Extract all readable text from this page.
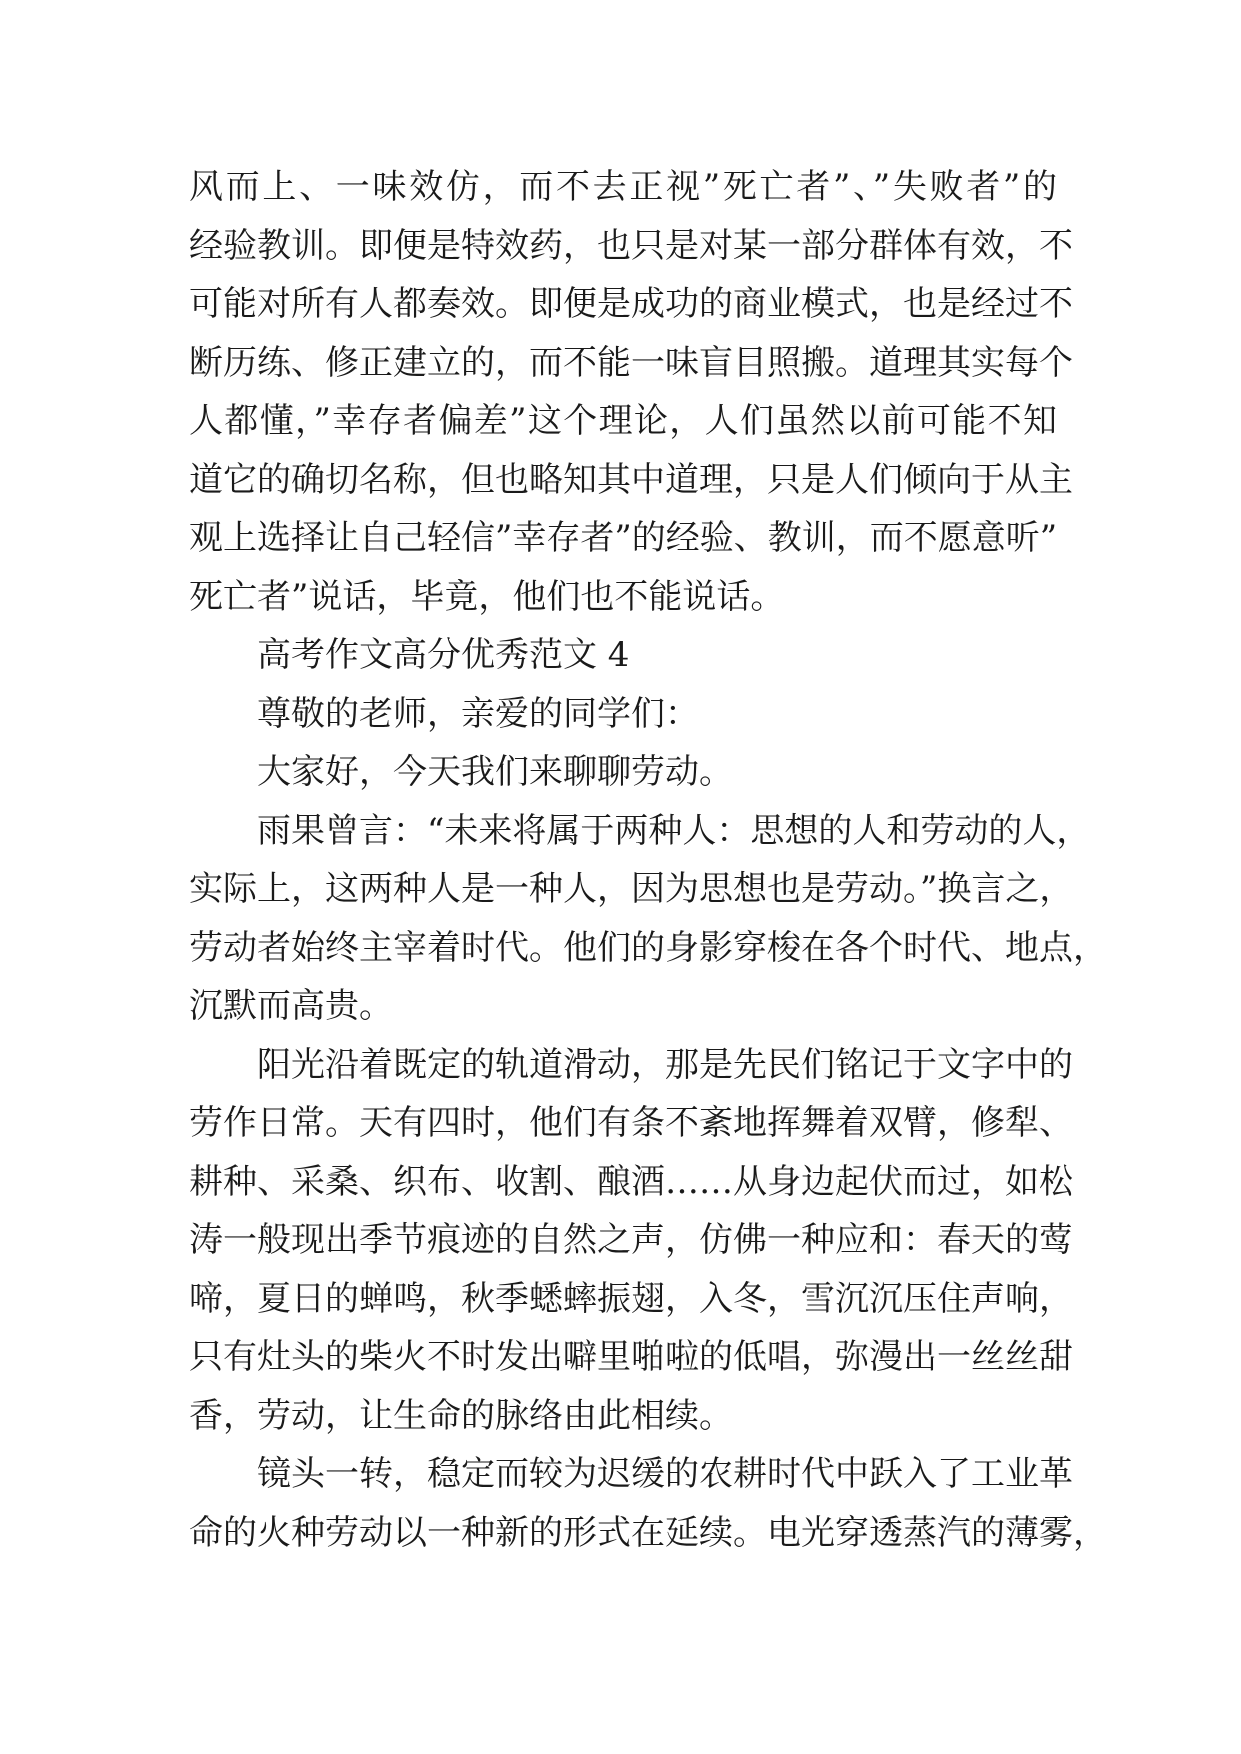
风而上、一味效仿，而不去正视”死亡者”、”失败者”的
经验教训。即便是特效药，也只是对某一部分群体有效，不
可能对所有人都奏效。即便是成功的商业模式，也是经过不
断历练、修正建立的，而不能一味盲目照搬。道理其实每个
人都懂，”幸存者偏差”这个理论，人们虽然以前可能不知
道它的确切名称，但也略知其中道理，只是人们倾向于从主
观上选择让自己轻信”幸存者”的经验、教训，而不愿意听”
死亡者”说话，毕竟，他们也不能说话。
高考作文高分优秀范文 4
尊敬的老师，亲爱的同学们：
大家好，今天我们来聊聊劳动。
雨果曾言：“未来将属于两种人：思想的人和劳动的人，
实际上，这两种人是一种人，因为思想也是劳动。”换言之，
劳动者始终主宰着时代。他们的身影穿梭在各个时代、地点，
沉默而高贵。
阳光沿着既定的轨道滑动，那是先民们铭记于文字中的
劳作日常。天有四时，他们有条不紊地挥舞着双臂，修犁、
耕种、采桑、织布、收割、酿酒……从身边起伏而过，如松
涛一般现出季节痕迹的自然之声，仿佛一种应和：春天的莺
啼，夏日的蝉鸣，秋季蟋蟀振翅，入冬，雪沉沉压住声响，
只有灶头的柴火不时发出噼里啪啦的低唱，弥漫出一丝丝甜
香，劳动，让生命的脉络由此相续。
镜头一转，稳定而较为迟缓的农耕时代中跃入了工业革
命的火种劳动以一种新的形式在延续。电光穿透蒸汽的薄雾，
